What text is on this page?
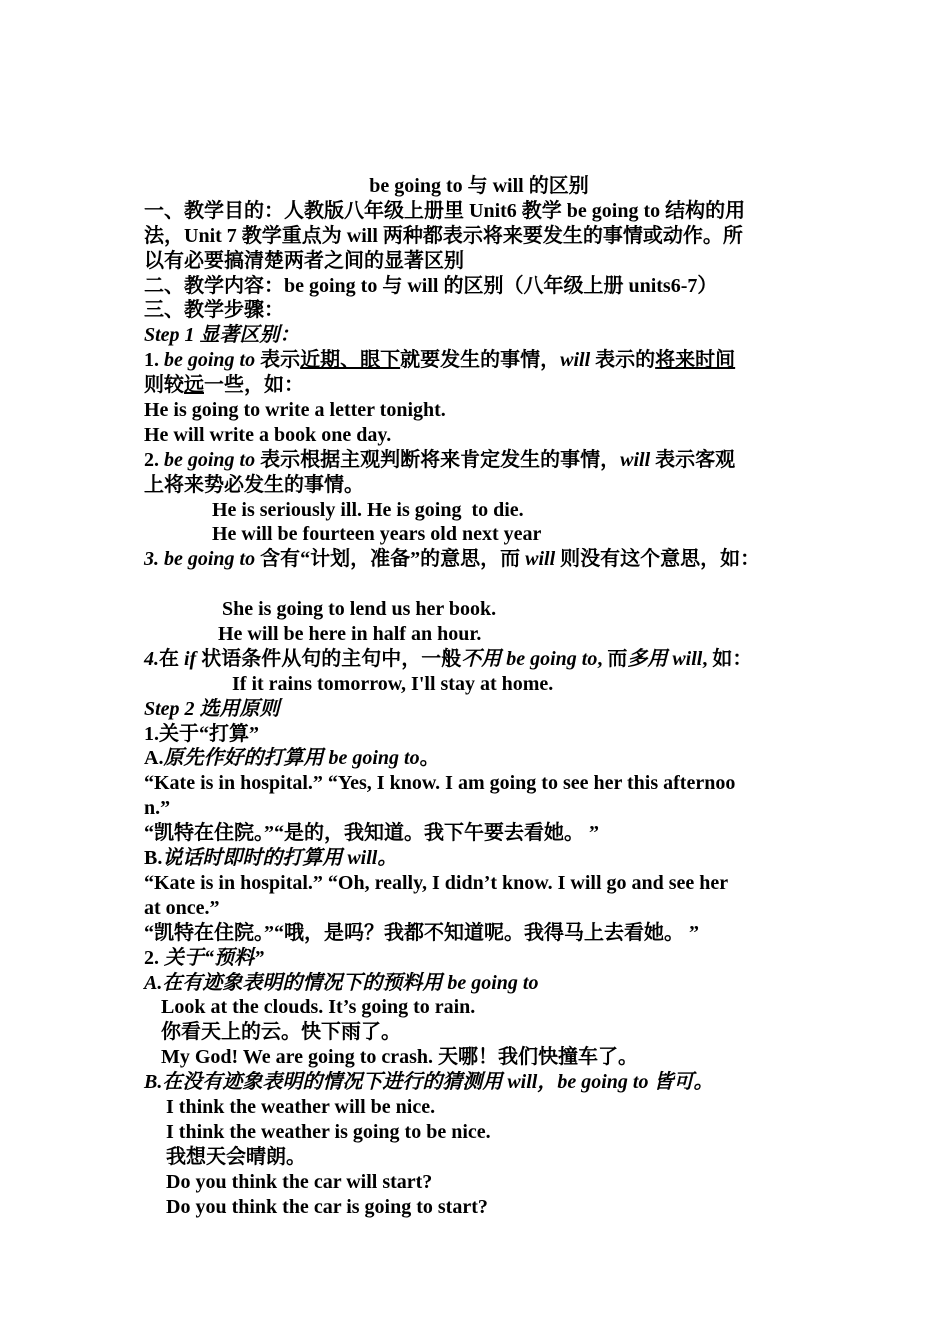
be going to 与 will 的区别
一、教学目的：人教版八年级上册里 Unit6 教学 be going to 结构的用
法，Unit 7 教学重点为 will 两种都表示将来要发生的事情或动作。所
以有必要搞清楚两者之间的显著区别
二、教学内容：be going to 与 will 的区别（八年级上册 units6-7）
三、教学步骤：
Step 1 显著区别：
1. be going to 表示近期、眼下就要发生的事情，will 表示的将来时间
则较远一些，如：
He is going to write a letter tonight.
He will write a book one day.
2. be going to 表示根据主观判断将来肯定发生的事情，will 表示客观
上将来势必发生的事情。
He is seriously ill. He is going  to die.
He will be fourteen years old next year
3. be going to 含有“计划，准备”的意思，而 will 则没有这个意思，如：
She is going to lend us her book.
He will be here in half an hour.
4.在 if 状语条件从句的主句中，一般不用 be going to, 而多用 will, 如：
If it rains tomorrow, I'll stay at home.
Step 2 选用原则
1.关于“打算”
A.原先作好的打算用 be going to。
“Kate is in hospital.” “Yes, I know. I am going to see her this afternoo
n.”
“凯特在住院。”“是的，我知道。我下午要去看她。 ”
B.说话时即时的打算用 will。
“Kate is in hospital.” “Oh, really, I didn’t know. I will go and see her
at once.”
“凯特在住院。”“哦，是吗？我都不知道呢。我得马上去看她。 ”
2. 关于“预料”
A.在有迹象表明的情况下的预料用 be going to
Look at the clouds. It’s going to rain.
你看天上的云。快下雨了。
My God! We are going to crash. 天哪！我们快撞车了。
B.在没有迹象表明的情况下进行的猜测用 will，be going to 皆可。
I think the weather will be nice.
I think the weather is going to be nice.
我想天会晴朗。
Do you think the car will start?
Do you think the car is going to start?
